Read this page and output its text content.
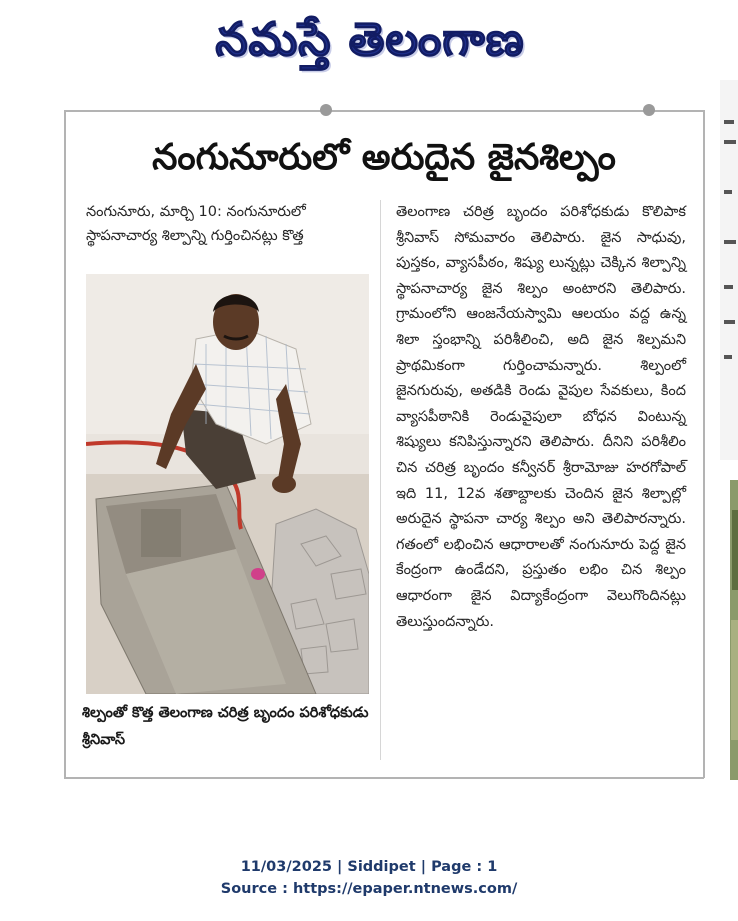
నమస్తే తెలంగాణ
నంగునూరులో అరుదైన జైనశిల్పం
నంగునూరు, మార్చి 10: నంగునూరులో స్థాపనాచార్య శిల్పాన్ని గుర్తించినట్లు కొత్త
శిల్పంతో కొత్త తెలంగాణ చరిత్ర బృందం పరిశోధకుడు శ్రీనివాస్
తెలంగాణ చరిత్ర బృందం పరిశోధకుడు కొలిపాక శ్రీనివాస్ సోమవారం తెలిపారు. జైన సాధువు, పుస్తకం, వ్యాసపీఠం, శిష్యు లున్నట్లు చెక్కిన శిల్పాన్ని స్థాపనాచార్య జైన శిల్పం అంటారని తెలిపారు. గ్రామంలోని ఆంజనేయస్వామి ఆలయం వద్ద ఉన్న శిలా స్తంభాన్ని పరిశీలించి, అది జైన శిల్పమని ప్రాథమికంగా గుర్తించామన్నారు. శిల్పంలో జైనగురువు, అతడికి రెండు వైపుల సేవకులు, కింద వ్యాసపీఠానికి రెండువైపులా బోధన వింటున్న శిష్యులు కనిపిస్తున్నారని తెలిపారు. దీనిని పరిశీలిం చిన చరిత్ర బృందం కన్వీనర్ శ్రీరామోజు హరగోపాల్ ఇది 11, 12వ శతాబ్దాలకు చెందిన జైన శిల్పాల్లో అరుదైన స్థాపనా చార్య శిల్పం అని తెలిపారన్నారు. గతంలో లభించిన ఆధారాలతో నంగునూరు పెద్ద జైన కేంద్రంగా ఉండేదని, ప్రస్తుతం లభిం చిన శిల్పం ఆధారంగా జైన విద్యాకేంద్రంగా వెలుగొందినట్లు తెలుస్తుందన్నారు.
11/03/2025 | Siddipet | Page : 1
Source : https://epaper.ntnews.com/
